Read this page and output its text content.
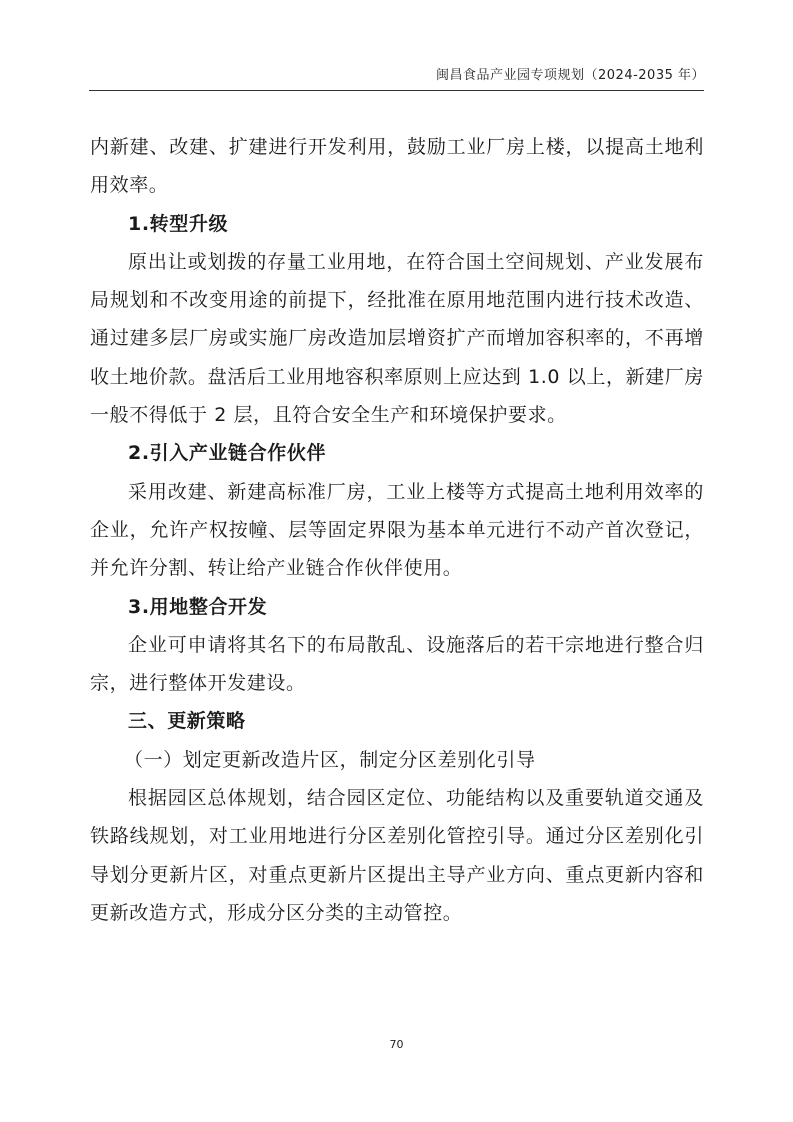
闽昌食品产业园专项规划（2024-2035 年）

内新建、改建、扩建进行开发利用，鼓励工业厂房上楼，以提高土地利用效率。

1.转型升级

原出让或划拨的存量工业用地，在符合国土空间规划、产业发展布局规划和不改变用途的前提下，经批准在原用地范围内进行技术改造、通过建多层厂房或实施厂房改造加层增资扩产而增加容积率的，不再增收土地价款。盘活后工业用地容积率原则上应达到 1.0 以上，新建厂房一般不得低于 2 层，且符合安全生产和环境保护要求。

2.引入产业链合作伙伴

采用改建、新建高标准厂房，工业上楼等方式提高土地利用效率的企业，允许产权按幢、层等固定界限为基本单元进行不动产首次登记，并允许分割、转让给产业链合作伙伴使用。

3.用地整合开发

企业可申请将其名下的布局散乱、设施落后的若干宗地进行整合归宗，进行整体开发建设。

三、更新策略

（一）划定更新改造片区，制定分区差别化引导

根据园区总体规划，结合园区定位、功能结构以及重要轨道交通及铁路线规划，对工业用地进行分区差别化管控引导。通过分区差别化引导划分更新片区，对重点更新片区提出主导产业方向、重点更新内容和更新改造方式，形成分区分类的主动管控。

70
